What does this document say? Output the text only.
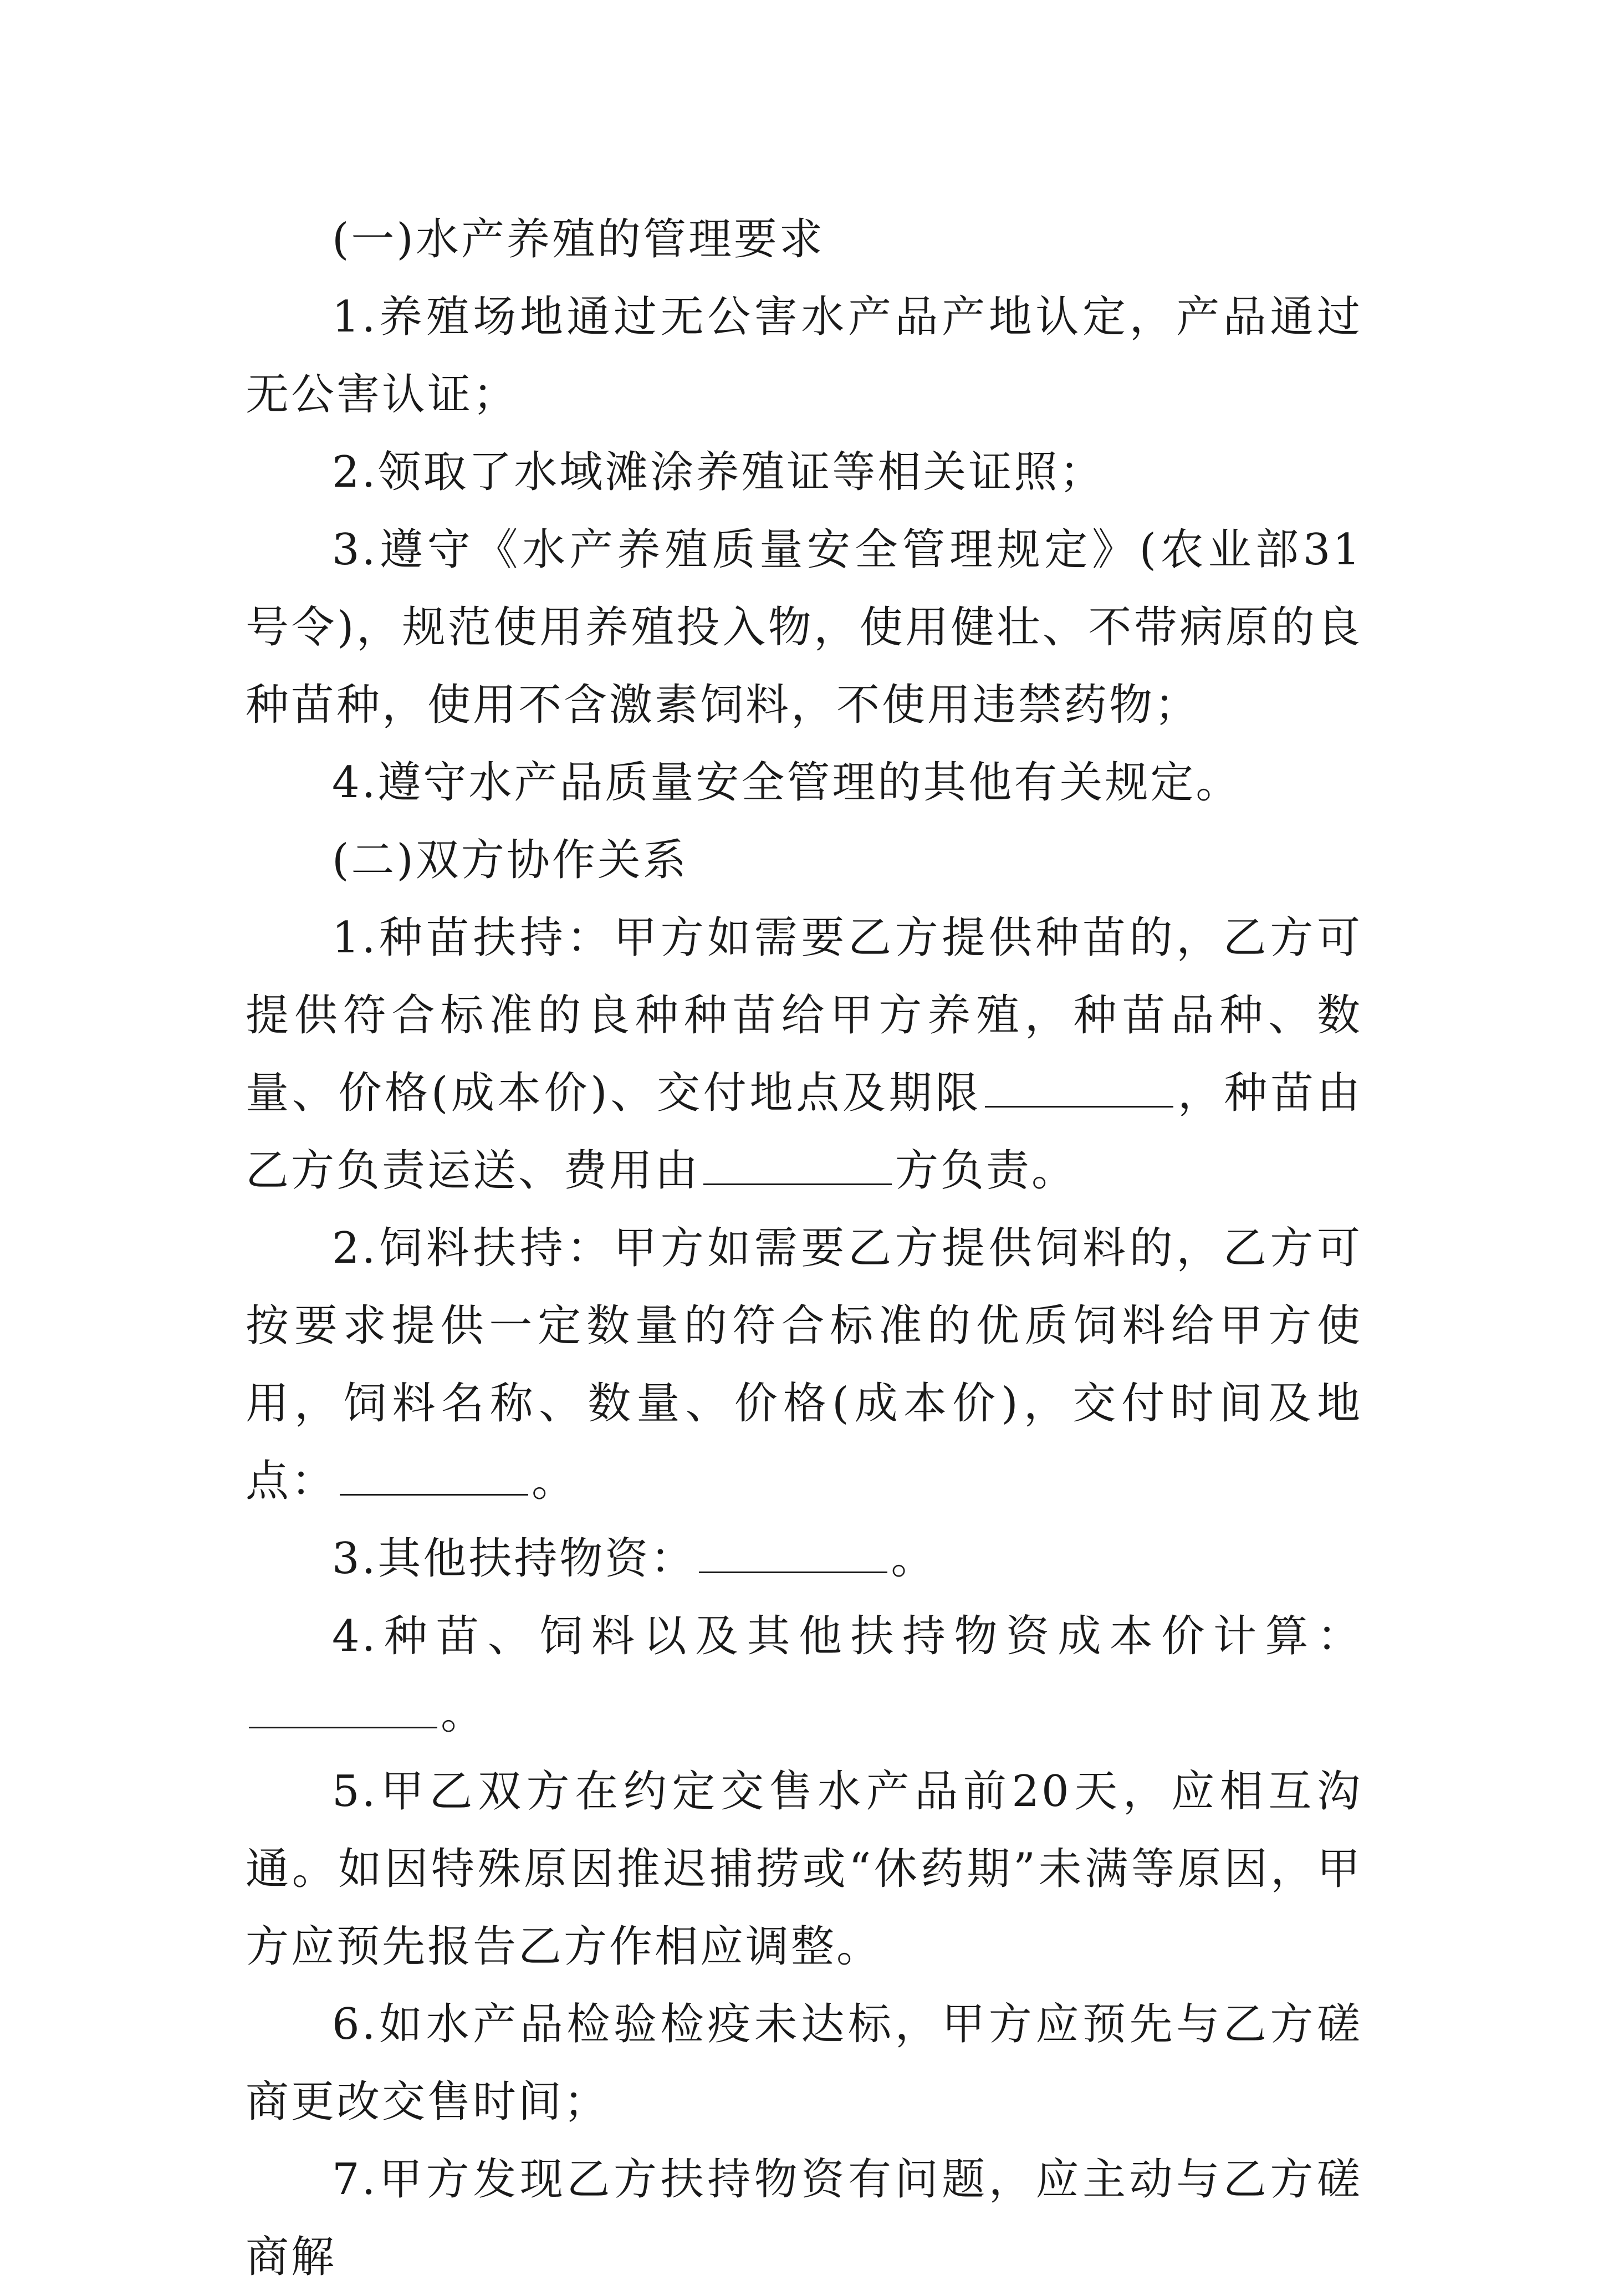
(一)水产养殖的管理要求

1.养殖场地通过无公害水产品产地认定，产品通过无公害认证；

2.领取了水域滩涂养殖证等相关证照；

3.遵守《水产养殖质量安全管理规定》(农业部31号令)，规范使用养殖投入物，使用健壮、不带病原的良种苗种，使用不含激素饲料，不使用违禁药物；

4.遵守水产品质量安全管理的其他有关规定。

(二)双方协作关系

1.种苗扶持：甲方如需要乙方提供种苗的，乙方可提供符合标准的良种种苗给甲方养殖，种苗品种、数量、价格(成本价)、交付地点及期限	，种苗由乙方负责运送、费用由	方负责。

2.饲料扶持：甲方如需要乙方提供饲料的，乙方可按要求提供一定数量的符合标准的优质饲料给甲方使用，饲料名称、数量、价格(成本价)，交付时间及地点：	。

3.其他扶持物资：	。

4.种苗、饲料以及其他扶持物资成本价计算：。

5.甲乙双方在约定交售水产品前20天，应相互沟通。如因特殊原因推迟捕捞或“休药期”未满等原因，甲方应预先报告乙方作相应调整。

6.如水产品检验检疫未达标，甲方应预先与乙方磋商更改交售时间；

7.甲方发现乙方扶持物资有问题，应主动与乙方磋商解
